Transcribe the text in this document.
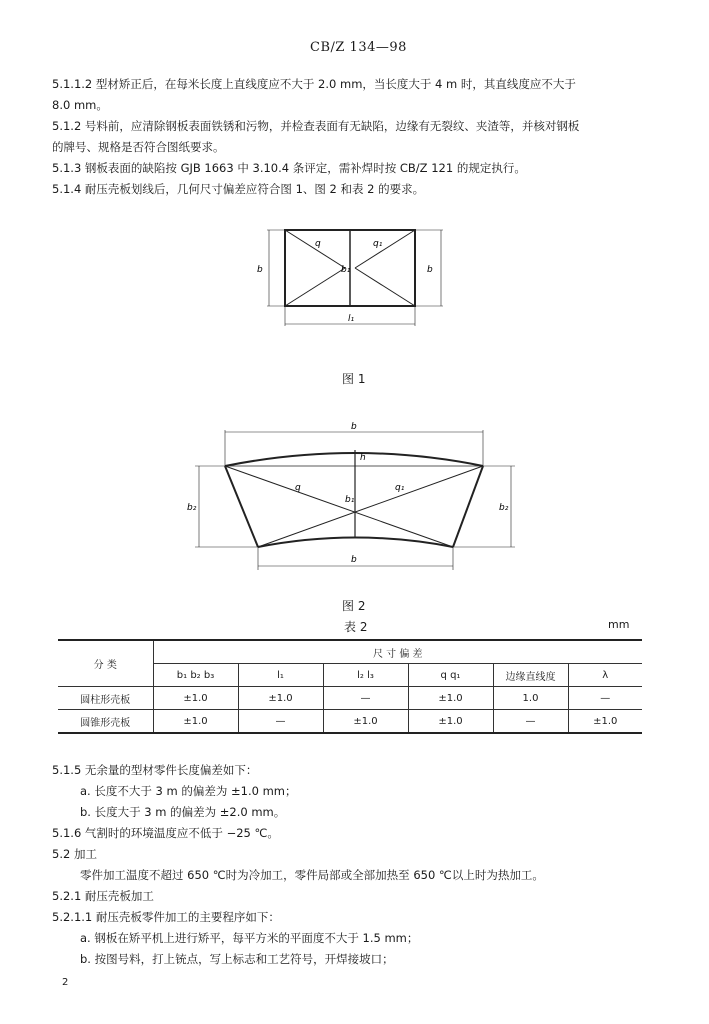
CB/Z 134—98
5.1.1.2 型材矫正后，在每米长度上直线度应不大于 2.0 mm，当长度大于 4 m 时，其直线度应不大于
8.0 mm。
5.1.2 号料前，应清除钢板表面铁锈和污物，并检查表面有无缺陷，边缘有无裂纹、夹渣等，并核对钢板
的牌号、规格是否符合图纸要求。
5.1.3 钢板表面的缺陷按 GJB 1663 中 3.10.4 条评定，需补焊时按 CB/Z 121 的规定执行。
5.1.4 耐压壳板划线后，几何尺寸偏差应符合图 1、图 2 和表 2 的要求。
q	q₁
b	b₁	b
l₁
图 1
b
h
q	q₁
b₁
b₂	b₂
b
图 2
表 2	mm
分 类	尺 寸 偏 差					
	b₁ b₂ b₃	l₁	l₂ l₃	q q₁	边缘直线度	λ
圆柱形壳板	±1.0	±1.0	—	±1.0	1.0	—
圆锥形壳板	±1.0	—	±1.0	±1.0	—	±1.0
5.1.5 无余量的型材零件长度偏差如下：
a. 长度不大于 3 m 的偏差为 ±1.0 mm；
b. 长度大于 3 m 的偏差为 ±2.0 mm。
5.1.6 气割时的环境温度应不低于 −25 ℃。
5.2 加工
零件加工温度不超过 650 ℃时为冷加工，零件局部或全部加热至 650 ℃以上时为热加工。
5.2.1 耐压壳板加工
5.2.1.1 耐压壳板零件加工的主要程序如下：
a. 钢板在矫平机上进行矫平，每平方米的平面度不大于 1.5 mm；
b. 按图号料，打上铳点，写上标志和工艺符号，开焊接坡口；
2
